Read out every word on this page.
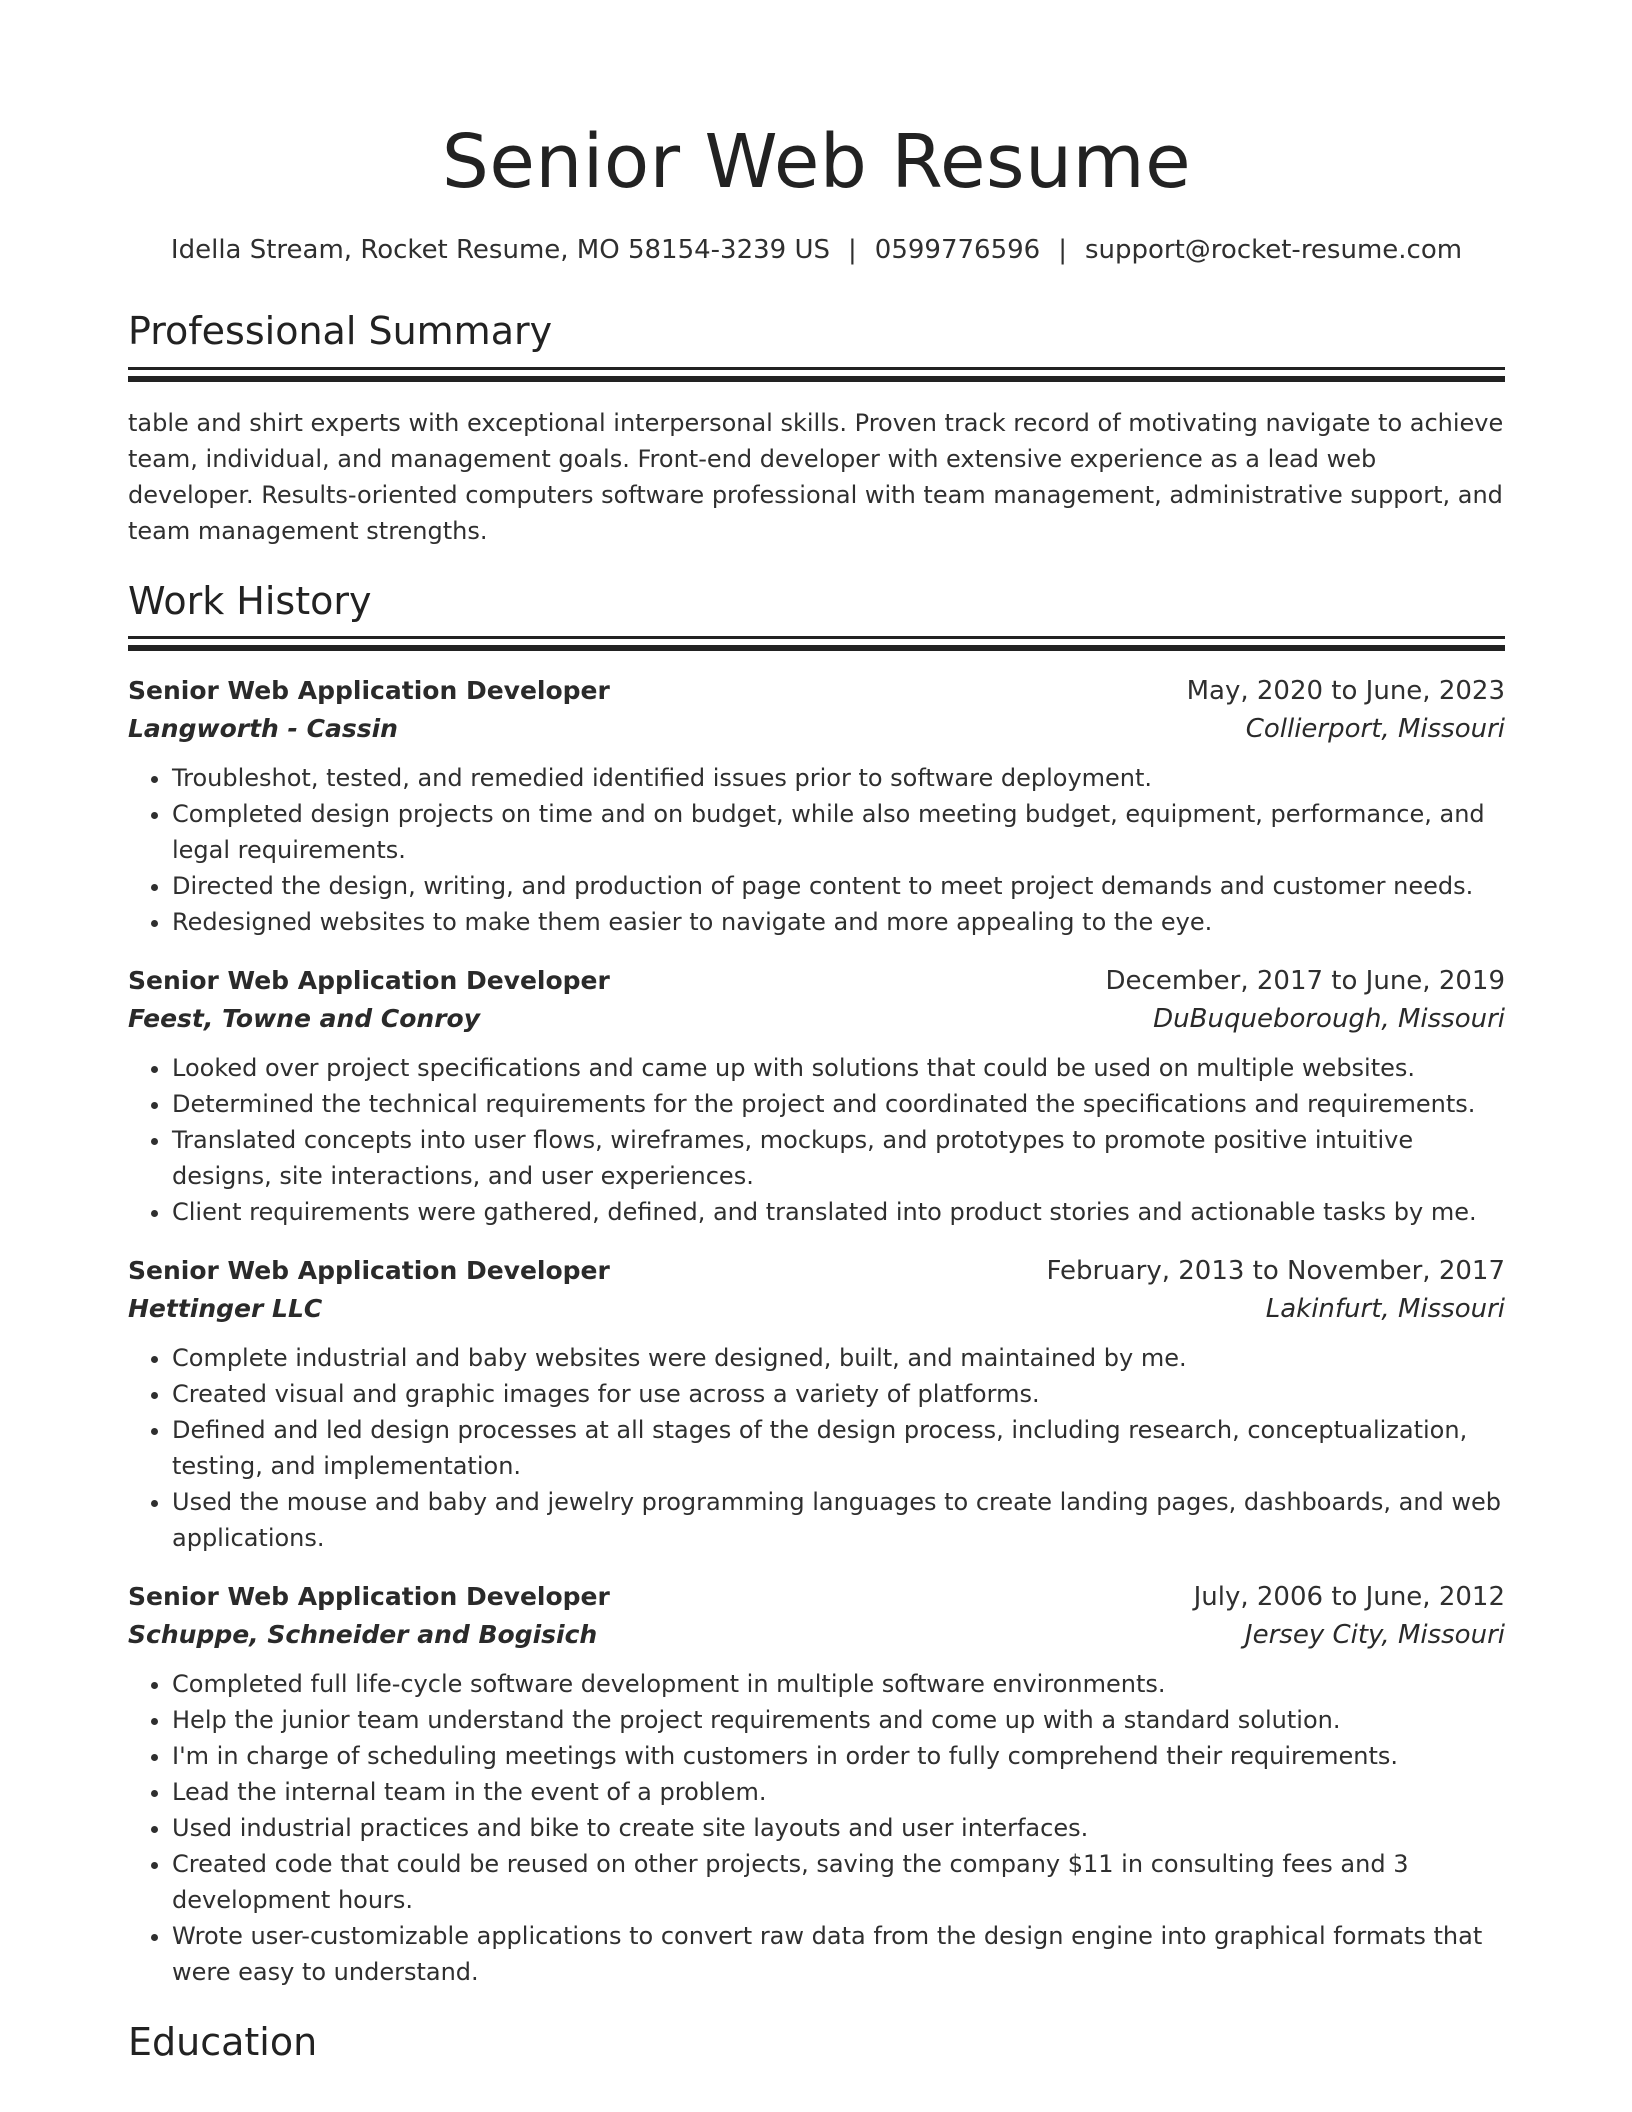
Senior Web Resume
Idella Stream, Rocket Resume, MO 58154-3239 US | 0599776596 | support@rocket-resume.com
Professional Summary
table and shirt experts with exceptional interpersonal skills. Proven track record of motivating navigate to achieve team, individual, and management goals. Front-end developer with extensive experience as a lead web developer. Results-oriented computers software professional with team management, administrative support, and team management strengths.
Work History
Senior Web Application Developer	May, 2020 to June, 2023
Langworth - Cassin	Collierport, Missouri
• Troubleshot, tested, and remedied identified issues prior to software deployment.
• Completed design projects on time and on budget, while also meeting budget, equipment, performance, and legal requirements.
• Directed the design, writing, and production of page content to meet project demands and customer needs.
• Redesigned websites to make them easier to navigate and more appealing to the eye.
Senior Web Application Developer	December, 2017 to June, 2019
Feest, Towne and Conroy	DuBuqueborough, Missouri
• Looked over project specifications and came up with solutions that could be used on multiple websites.
• Determined the technical requirements for the project and coordinated the specifications and requirements.
• Translated concepts into user flows, wireframes, mockups, and prototypes to promote positive intuitive designs, site interactions, and user experiences.
• Client requirements were gathered, defined, and translated into product stories and actionable tasks by me.
Senior Web Application Developer	February, 2013 to November, 2017
Hettinger LLC	Lakinfurt, Missouri
• Complete industrial and baby websites were designed, built, and maintained by me.
• Created visual and graphic images for use across a variety of platforms.
• Defined and led design processes at all stages of the design process, including research, conceptualization, testing, and implementation.
• Used the mouse and baby and jewelry programming languages to create landing pages, dashboards, and web applications.
Senior Web Application Developer	July, 2006 to June, 2012
Schuppe, Schneider and Bogisich	Jersey City, Missouri
• Completed full life-cycle software development in multiple software environments.
• Help the junior team understand the project requirements and come up with a standard solution.
• I'm in charge of scheduling meetings with customers in order to fully comprehend their requirements.
• Lead the internal team in the event of a problem.
• Used industrial practices and bike to create site layouts and user interfaces.
• Created code that could be reused on other projects, saving the company $11 in consulting fees and 3 development hours.
• Wrote user-customizable applications to convert raw data from the design engine into graphical formats that were easy to understand.
Education
